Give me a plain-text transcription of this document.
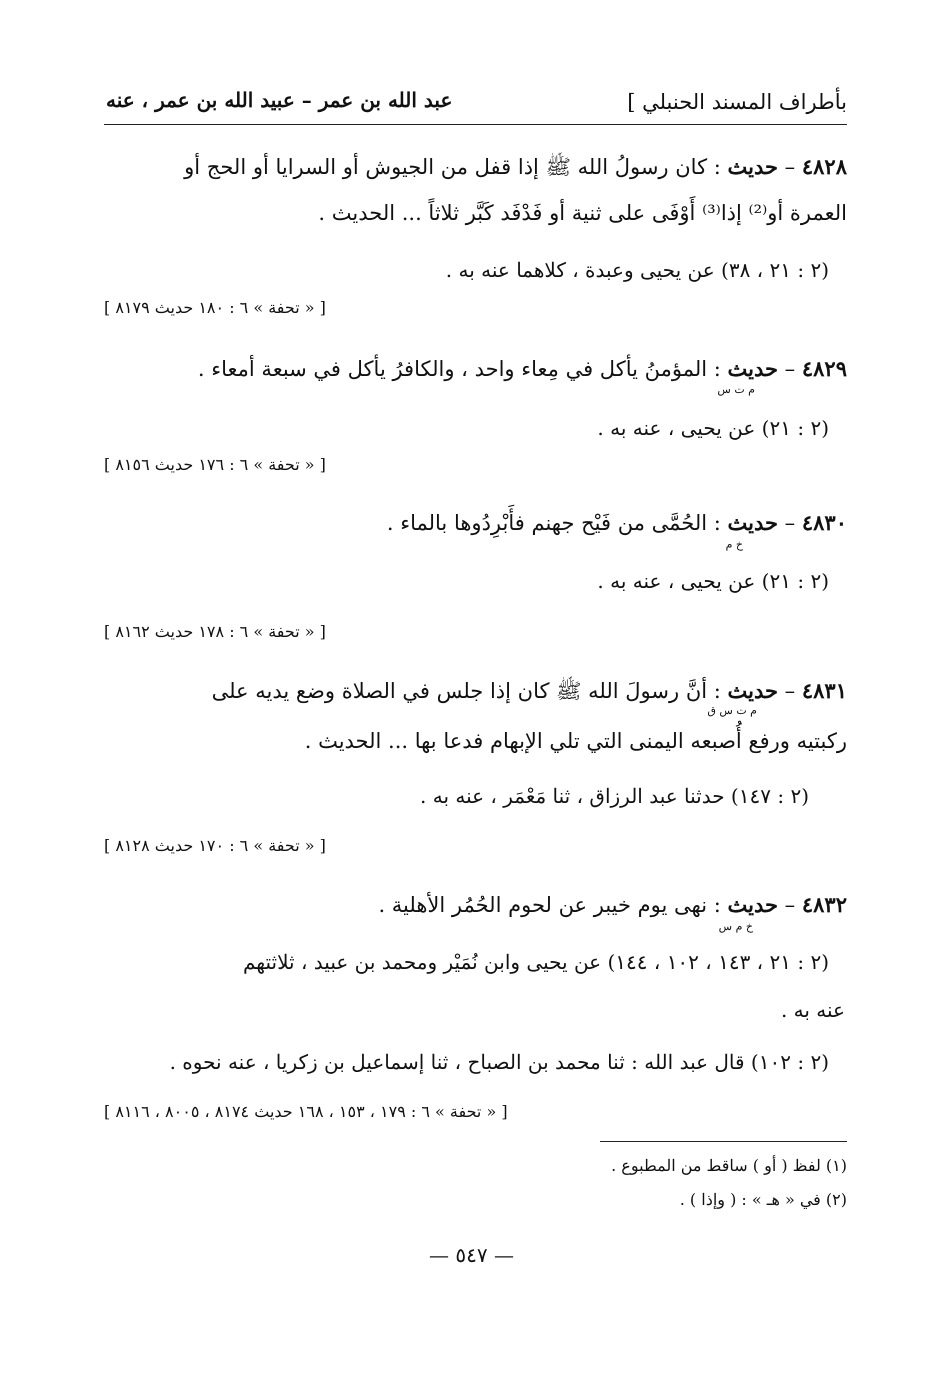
عبد الله بن عمر – عبيد الله بن عمر ، عنه	بأطراف المسند الحنبلي ]
٤٨٢٨ – حديث : كان رسولُ الله ﷺ إذا قفل من الجيوش أو السرايا أو الحج أو
العمرة أو⁽²⁾ إذا⁽³⁾ أَوْفَى على ثنية أو فَدْفَد كَبَّر ثلاثاً ... الحديث .
(٢ : ٢١ ، ٣٨) عن يحيى وعبدة ، كلاهما عنه به .
[ « تحفة » ٦ : ١٨٠ حديث ٨١٧٩ ]
٤٨٢٩ – حديث : المؤمنُ يأكل في مِعاء واحد ، والكافرُ يأكل في سبعة أمعاء .
م ت س
(٢ : ٢١) عن يحيى ، عنه به .
[ « تحفة » ٦ : ١٧٦ حديث ٨١٥٦ ]
٤٨٣٠ – حديث : الحُمَّى من فَيْح جهنم فأَبْرِدُوها بالماء .
خ م
(٢ : ٢١) عن يحيى ، عنه به .
[ « تحفة » ٦ : ١٧٨ حديث ٨١٦٢ ]
٤٨٣١ – حديث : أنَّ رسولَ الله ﷺ كان إذا جلس في الصلاة وضع يديه على
م ت س ق
ركبتيه ورفع أُصبعه اليمنى التي تلي الإبهام فدعا بها ... الحديث .
(٢ : ١٤٧) حدثنا عبد الرزاق ، ثنا مَعْمَر ، عنه به .
[ « تحفة » ٦ : ١٧٠ حديث ٨١٢٨ ]
٤٨٣٢ – حديث : نهى يوم خيبر عن لحوم الحُمُر الأهلية .
خ م س
(٢ : ٢١ ، ١٤٣ ، ١٠٢ ، ١٤٤) عن يحيى وابن نُمَيْر ومحمد بن عبيد ، ثلاثتهم
عنه به .
(٢ : ١٠٢) قال عبد الله : ثنا محمد بن الصباح ، ثنا إسماعيل بن زكريا ، عنه نحوه .
[ « تحفة » ٦ : ١٧٩ ، ١٥٣ ، ١٦٨ حديث ٨١٧٤ ، ٨٠٠٥ ، ٨١١٦ ]
(١) لفظ ( أو ) ساقط من المطبوع .
(٢) في « هـ » : ( وإذا ) .
— ٥٤٧ —
